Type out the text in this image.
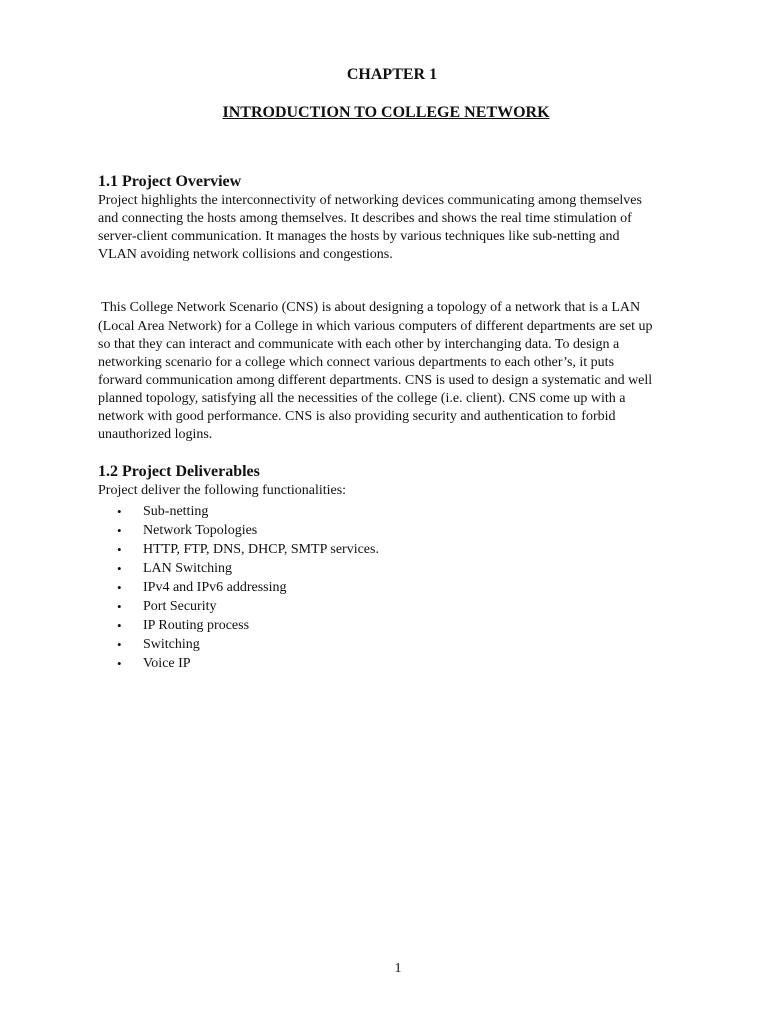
CHAPTER 1
INTRODUCTION TO COLLEGE NETWORK
1.1 Project Overview

Project highlights the interconnectivity of networking devices communicating among themselves
and connecting the hosts among themselves. It describes and shows the real time stimulation of
server-client communication. It manages the hosts by various techniques like sub-netting and
VLAN avoiding network collisions and congestions.

This College Network Scenario (CNS) is about designing a topology of a network that is a LAN
(Local Area Network) for a College in which various computers of different departments are set up
so that they can interact and communicate with each other by interchanging data. To design a
networking scenario for a college which connect various departments to each other’s, it puts
forward communication among different departments. CNS is used to design a systematic and well
planned topology, satisfying all the necessities of the college (i.e. client). CNS come up with a
network with good performance. CNS is also providing security and authentication to forbid
unauthorized logins.

1.2 Project Deliverables

Project deliver the following functionalities:

• Sub-netting
• Network Topologies
• HTTP, FTP, DNS, DHCP, SMTP services.
• LAN Switching
• IPv4 and IPv6 addressing
• Port Security
• IP Routing process
• Switching
• Voice IP
1
